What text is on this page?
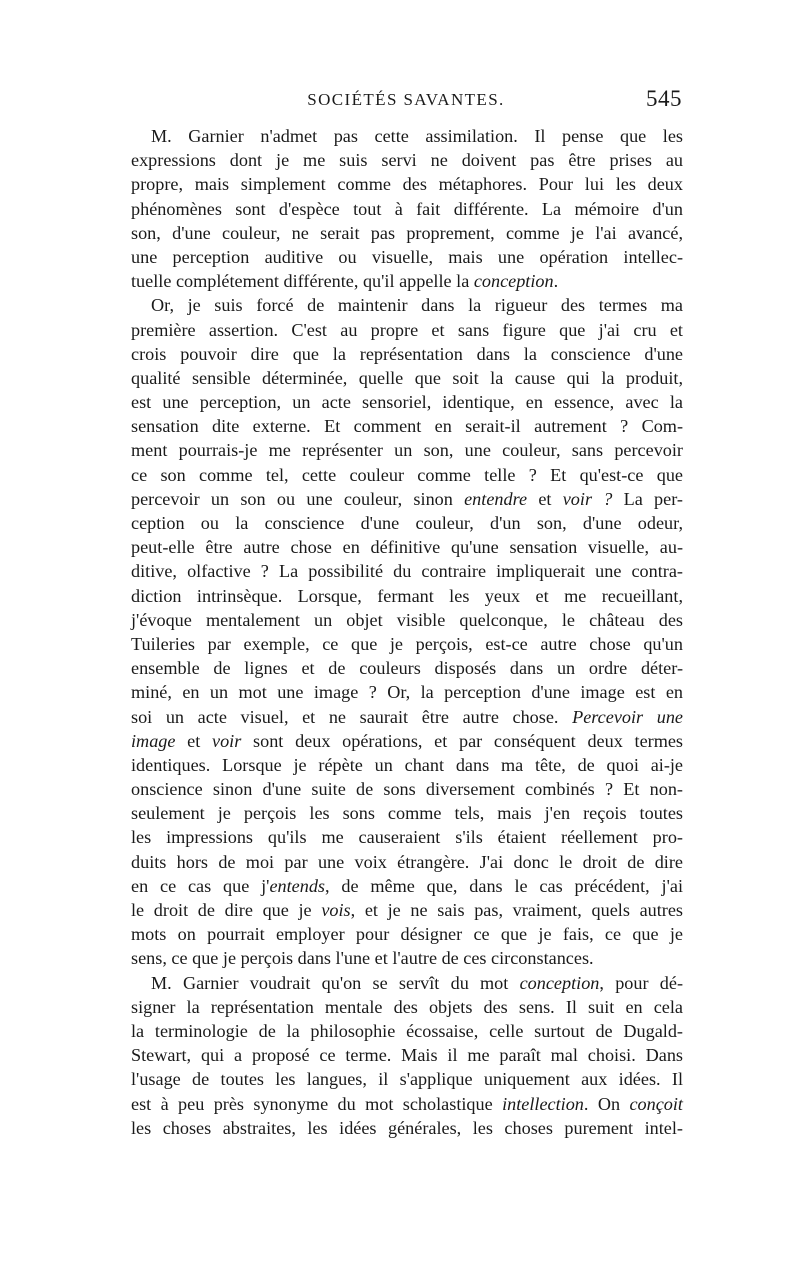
SOCIÉTÉS SAVANTES.	545
M. Garnier n'admet pas cette assimilation. Il pense que les
expressions dont je me suis servi ne doivent pas être prises au
propre, mais simplement comme des métaphores. Pour lui les deux
phénomènes sont d'espèce tout à fait différente. La mémoire d'un
son, d'une couleur, ne serait pas proprement, comme je l'ai avancé,
une perception auditive ou visuelle, mais une opération intellec-
tuelle complétement différente, qu'il appelle la conception.
Or, je suis forcé de maintenir dans la rigueur des termes ma
première assertion. C'est au propre et sans figure que j'ai cru et
crois pouvoir dire que la représentation dans la conscience d'une
qualité sensible déterminée, quelle que soit la cause qui la produit,
est une perception, un acte sensoriel, identique, en essence, avec la
sensation dite externe. Et comment en serait-il autrement ? Com-
ment pourrais-je me représenter un son, une couleur, sans percevoir
ce son comme tel, cette couleur comme telle ? Et qu'est-ce que
percevoir un son ou une couleur, sinon entendre et voir ? La per-
ception ou la conscience d'une couleur, d'un son, d'une odeur,
peut-elle être autre chose en définitive qu'une sensation visuelle, au-
ditive, olfactive ? La possibilité du contraire impliquerait une contra-
diction intrinsèque. Lorsque, fermant les yeux et me recueillant,
j'évoque mentalement un objet visible quelconque, le château des
Tuileries par exemple, ce que je perçois, est-ce autre chose qu'un
ensemble de lignes et de couleurs disposés dans un ordre déter-
miné, en un mot une image ? Or, la perception d'une image est en
soi un acte visuel, et ne saurait être autre chose. Percevoir une
image et voir sont deux opérations, et par conséquent deux termes
identiques. Lorsque je répète un chant dans ma tête, de quoi ai-je
onscience sinon d'une suite de sons diversement combinés ? Et non-
seulement je perçois les sons comme tels, mais j'en reçois toutes
les impressions qu'ils me causeraient s'ils étaient réellement pro-
duits hors de moi par une voix étrangère. J'ai donc le droit de dire
en ce cas que j'entends, de même que, dans le cas précédent, j'ai
le droit de dire que je vois, et je ne sais pas, vraiment, quels autres
mots on pourrait employer pour désigner ce que je fais, ce que je
sens, ce que je perçois dans l'une et l'autre de ces circonstances.
M. Garnier voudrait qu'on se servît du mot conception, pour dé-
signer la représentation mentale des objets des sens. Il suit en cela
la terminologie de la philosophie écossaise, celle surtout de Dugald-
Stewart, qui a proposé ce terme. Mais il me paraît mal choisi. Dans
l'usage de toutes les langues, il s'applique uniquement aux idées. Il
est à peu près synonyme du mot scholastique intellection. On conçoit
les choses abstraites, les idées générales, les choses purement intel-
